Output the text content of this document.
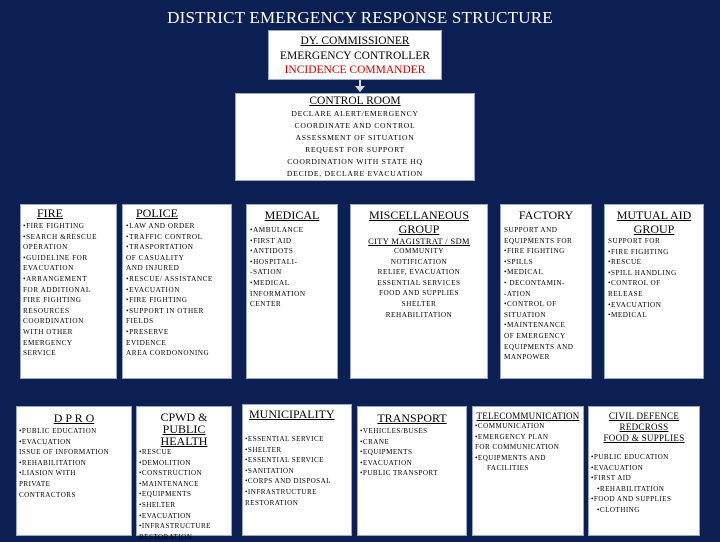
DISTRICT EMERGENCY RESPONSE STRUCTURE
DY. COMMISSIONER
EMERGENCY CONTROLLER
INCIDENCE COMMANDER
CONTROL ROOM
DECLARE ALERT/EMERGENCY
COORDINATE AND CONTROL
ASSESSMENT OF SITUATION
REQUEST FOR SUPPORT
COORDINATION WITH STATE HQ
DECIDE, DECLARE EVACUATION
FIRE
•FIRE FIGHTING
•SEARCH &RESCUE
OPERATION
•GUIDELINE FOR
EVACUATION
•ARRANGEMENT
FOR ADDITIONAL
FIRE FIGHTING
RESOURCES
COORDINATION
WITH OTHER
EMERGENCY
SERVICE
POLICE
•LAW AND ORDER
•TRAFFIC CONTROL
•TRASPORTATION
OF CASUALITY
AND INJURED
•RESCUE/ ASSISTANCE
•EVACUATION
•FIRE FIGHTING
•SUPPORT IN OTHER
FIELDS
•PRESERVE
EVIDENCE
AREA CORDONONING
MEDICAL
•AMBULANCE
•FIRST AID
•ANTIDOTS
•HOSPITALI-
-SATION
•MEDICAL
INFORMATION
CENTER
MISCELLANEOUS GROUP
CITY MAGISTRAT / SDM
COMMUNITY
NOTIFICATION
RELIEF, EVACUATION
ESSENTIAL SERVICES
FOOD AND SUPPLIES
SHELTER
REHABILITATION
FACTORY
SUPPORT AND
EQUIPMENTS FOR
•FIRE FIGHTING
•SPILLS
•MEDICAL
• DECONTAMIN-
-ATION
•CONTROL OF
SITUATION
•MAINTENANCE
OF EMERGENCY
EQUIPMENTS AND
MANPOWER
MUTUAL AID GROUP
SUPPORT FOR
•FIRE FIGHTING
•RESCUE
•SPILL HANDLING
•CONTROL OF
RELEASE
•EVACUATION
•MEDICAL
D P R O
•PUBLIC EDUCATION
•EVACUATION
ISSUE OF INFORMATION
•REHABILITATION
•LIASION WITH
PRIVATE
CONTRACTORS
CPWD &
PUBLIC HEALTH
•RESCUE
•DEMOLITION
•CONSTRUCTION
•MAINTENANCE
•EQUIPMENTS
•SHELTER
•EVACUATION
•INFRASTRUCTURE
RESTORATION
MUNICIPALITY
•ESSENTIAL SERVICE
•SHELTER
•ESSENTIAL SERVICE
•SANITATION
•CORPS AND DISPOSAL
•INFRASTRUCTURE
RESTORATION
TRANSPORT
•VEHICLES/BUSES
•CRANE
•EQUIPMENTS
•EVACUATION
•PUBLIC TRANSPORT
TELECOMMUNICATION
•COMMUNICATION
•EMERGENCY PLAN
FOR COMMUNICATION
•EQUIPMENTS AND
FACILITIES
CIVIL DEFENCE
REDCROSS
FOOD & SUPPLIES
•PUBLIC EDUCATION
•EVACUATION
•FIRST AID
•REHABILITATION
•FOOD AND SUPPLIES
•CLOTHING
